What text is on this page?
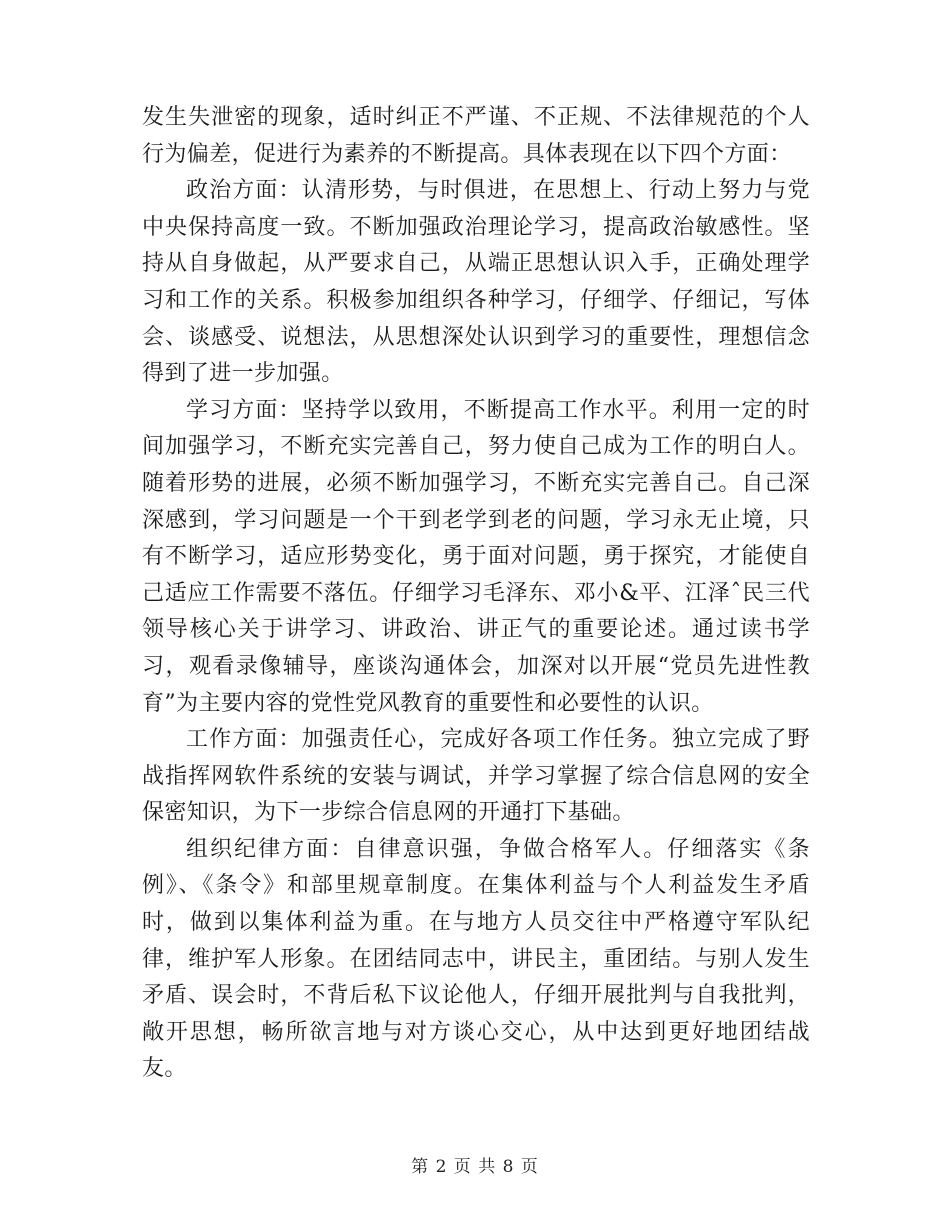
发生失泄密的现象，适时纠正不严谨、不正规、不法律规范的个人行为偏差，促进行为素养的不断提高。具体表现在以下四个方面：

政治方面：认清形势，与时俱进，在思想上、行动上努力与党中央保持高度一致。不断加强政治理论学习，提高政治敏感性。坚持从自身做起，从严要求自己，从端正思想认识入手，正确处理学习和工作的关系。积极参加组织各种学习，仔细学、仔细记，写体会、谈感受、说想法，从思想深处认识到学习的重要性，理想信念得到了进一步加强。

学习方面：坚持学以致用，不断提高工作水平。利用一定的时间加强学习，不断充实完善自己，努力使自己成为工作的明白人。随着形势的进展，必须不断加强学习，不断充实完善自己。自己深深感到，学习问题是一个干到老学到老的问题，学习永无止境，只有不断学习，适应形势变化，勇于面对问题，勇于探究，才能使自己适应工作需要不落伍。仔细学习毛泽东、邓小&平、江泽ˆ民三代领导核心关于讲学习、讲政治、讲正气的重要论述。通过读书学习，观看录像辅导，座谈沟通体会，加深对以开展“党员先进性教育”为主要内容的党性党风教育的重要性和必要性的认识。

工作方面：加强责任心，完成好各项工作任务。独立完成了野战指挥网软件系统的安装与调试，并学习掌握了综合信息网的安全保密知识，为下一步综合信息网的开通打下基础。

组织纪律方面：自律意识强，争做合格军人。仔细落实《条例》、《条令》和部里规章制度。在集体利益与个人利益发生矛盾时，做到以集体利益为重。在与地方人员交往中严格遵守军队纪律，维护军人形象。在团结同志中，讲民主，重团结。与别人发生矛盾、误会时，不背后私下议论他人，仔细开展批判与自我批判，敞开思想，畅所欲言地与对方谈心交心，从中达到更好地团结战友。

第 2 页 共 8 页
